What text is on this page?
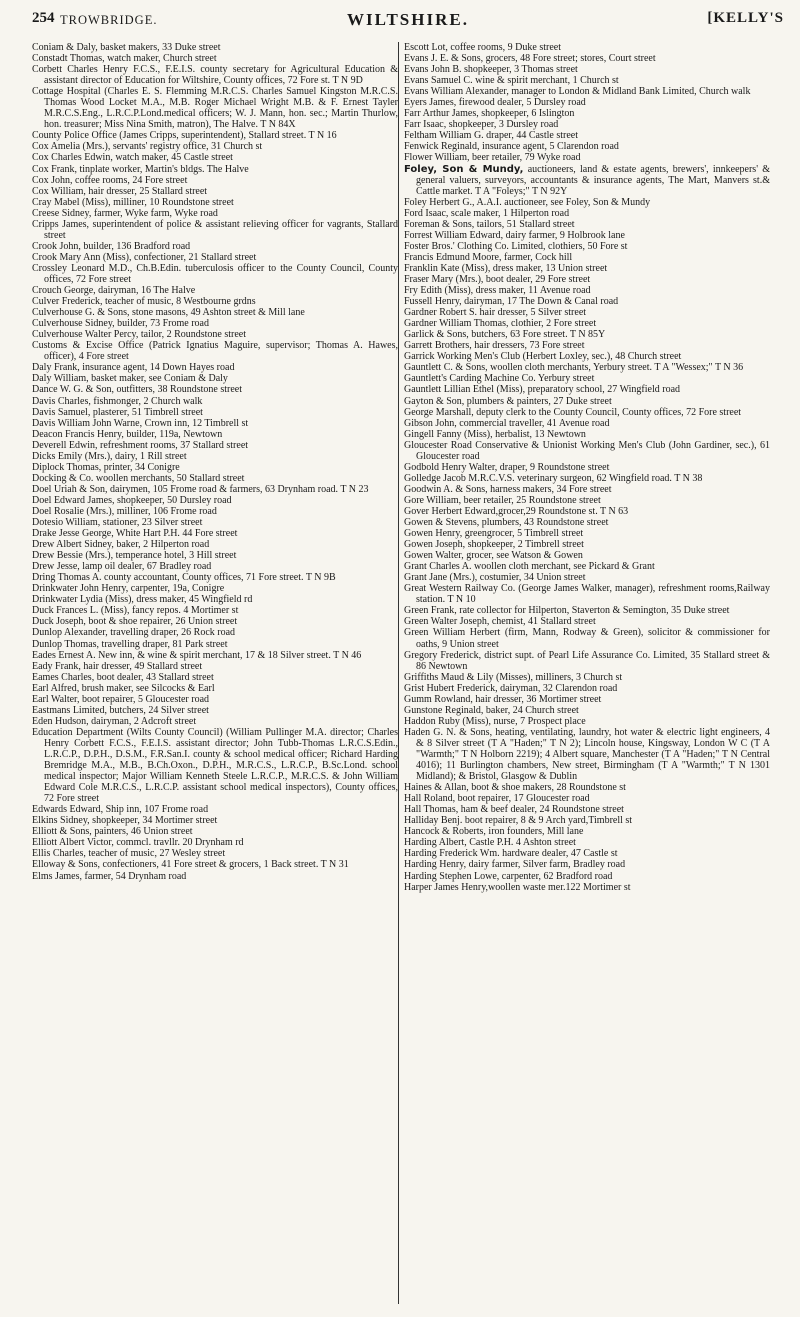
254 TROWBRIDGE.	WILTSHIRE.	[KELLY'S

Coniam & Daly, basket makers, 33 Duke street

Constadt Thomas, watch maker, Church street

Corbett Charles Henry F.C.S., F.E.I.S. county secretary for Agricultural Education & assistant director of Education for Wiltshire, County offices, 72 Fore st. T N 9D

Cottage Hospital (Charles E. S. Flemming M.R.C.S. Charles Samuel Kingston M.R.C.S. Thomas Wood Locket M.A., M.B. Roger Michael Wright M.B. & F. Ernest Tayler M.R.C.S.Eng., L.R.C.P.Lond.medical officers; W. J. Mann, hon. sec.; Martin Thurlow, hon. treasurer; Miss Nina Smith, matron), The Halve. T N 84X

County Police Office (James Cripps, superintendent), Stallard street. T N 16

Cox Amelia (Mrs.), servants' registry office, 31 Church st

Cox Charles Edwin, watch maker, 45 Castle street

Cox Frank, tinplate worker, Martin's bldgs. The Halve

Cox John, coffee rooms, 24 Fore street

Cox William, hair dresser, 25 Stallard street

Cray Mabel (Miss), milliner, 10 Roundstone street

Creese Sidney, farmer, Wyke farm, Wyke road

Cripps James, superintendent of police & assistant relieving officer for vagrants, Stallard street

Crook John, builder, 136 Bradford road

Crook Mary Ann (Miss), confectioner, 21 Stallard street

Crossley Leonard M.D., Ch.B.Edin. tuberculosis officer to the County Council, County offices, 72 Fore street

Crouch George, dairyman, 16 The Halve

Culver Frederick, teacher of music, 8 Westbourne grdns

Culverhouse G. & Sons, stone masons, 49 Ashton street & Mill lane

Culverhouse Sidney, builder, 73 Frome road

Culverhouse Walter Percy, tailor, 2 Roundstone street

Customs & Excise Office (Patrick Ignatius Maguire, supervisor; Thomas A. Hawes, officer), 4 Fore street

Daly Frank, insurance agent, 14 Down Hayes road

Daly William, basket maker, see Coniam & Daly

Dance W. G. & Son, outfitters, 38 Roundstone street

Davis Charles, fishmonger, 2 Church walk

Davis Samuel, plasterer, 51 Timbrell street

Davis William John Warne, Crown inn, 12 Timbrell st

Deacon Francis Henry, builder, 119a, Newtown

Deverell Edwin, refreshment rooms, 37 Stallard street

Dicks Emily (Mrs.), dairy, 1 Rill street

Diplock Thomas, printer, 34 Conigre

Docking & Co. woollen merchants, 50 Stallard street

Doel Uriah & Son, dairymen, 105 Frome road & farmers, 63 Drynham road. T N 23

Doel Edward James, shopkeeper, 50 Dursley road

Doel Rosalie (Mrs.), milliner, 106 Frome road

Dotesio William, stationer, 23 Silver street

Drake Jesse George, White Hart P.H. 44 Fore street

Drew Albert Sidney, baker, 2 Hilperton road

Drew Bessie (Mrs.), temperance hotel, 3 Hill street

Drew Jesse, lamp oil dealer, 67 Bradley road

Dring Thomas A. county accountant, County offices, 71 Fore street. T N 9B

Drinkwater John Henry, carpenter, 19a, Conigre

Drinkwater Lydia (Miss), dress maker, 45 Wingfield rd

Duck Frances L. (Miss), fancy repos. 4 Mortimer st

Duck Joseph, boot & shoe repairer, 26 Union street

Dunlop Alexander, travelling draper, 26 Rock road

Dunlop Thomas, travelling draper, 81 Park street

Eades Ernest A. New inn, & wine & spirit merchant, 17 & 18 Silver street. T N 46

Eady Frank, hair dresser, 49 Stallard street

Eames Charles, boot dealer, 43 Stallard street

Earl Alfred, brush maker, see Silcocks & Earl

Earl Walter, boot repairer, 5 Gloucester road

Eastmans Limited, butchers, 24 Silver street

Eden Hudson, dairyman, 2 Adcroft street

Education Department (Wilts County Council) (William Pullinger M.A. director; Charles Henry Corbett F.C.S., F.E.I.S. assistant director; John Tubb-Thomas L.R.C.S.Edin., L.R.C.P., D.P.H., D.S.M., F.R.San.I. county & school medical officer; Richard Harding Bremridge M.A., M.B., B.Ch.Oxon., D.P.H., M.R.C.S., L.R.C.P., B.Sc.Lond. school medical inspector; Major William Kenneth Steele L.R.C.P., M.R.C.S. & John William Edward Cole M.R.C.S., L.R.C.P. assistant school medical inspectors), County offices, 72 Fore street

Edwards Edward, Ship inn, 107 Frome road

Elkins Sidney, shopkeeper, 34 Mortimer street

Elliott & Sons, painters, 46 Union street

Elliott Albert Victor, commcl. travllr. 20 Drynham rd

Ellis Charles, teacher of music, 27 Wesley street

Elloway & Sons, confectioners, 41 Fore street & grocers, 1 Back street. T N 31

Elms James, farmer, 54 Drynham road

Escott Lot, coffee rooms, 9 Duke street

Evans J. E. & Sons, grocers, 48 Fore street; stores, Court street

Evans John B. shopkeeper, 3 Thomas street

Evans Samuel C. wine & spirit merchant, 1 Church st

Evans William Alexander, manager to London & Midland Bank Limited, Church walk

Eyers James, firewood dealer, 5 Dursley road

Farr Arthur James, shopkeeper, 6 Islington

Farr Isaac, shopkeeper, 3 Dursley road

Feltham William G. draper, 44 Castle street

Fenwick Reginald, insurance agent, 5 Clarendon road

Flower William, beer retailer, 79 Wyke road

Foley, Son & Mundy, auctioneers, land & estate agents, brewers', innkeepers' & general valuers, surveyors, accountants & insurance agents, The Mart, Manvers st.& Cattle market. T A "Foleys;" T N 92Y

Foley Herbert G., A.A.I. auctioneer, see Foley, Son & Mundy

Ford Isaac, scale maker, 1 Hilperton road

Foreman & Sons, tailors, 51 Stallard street

Forrest William Edward, dairy farmer, 9 Holbrook lane

Foster Bros.' Clothing Co. Limited, clothiers, 50 Fore st

Francis Edmund Moore, farmer, Cock hill

Franklin Kate (Miss), dress maker, 13 Union street

Fraser Mary (Mrs.), boot dealer, 29 Fore street

Fry Edith (Miss), dress maker, 11 Avenue road

Fussell Henry, dairyman, 17 The Down & Canal road

Gardner Robert S. hair dresser, 5 Silver street

Gardner William Thomas, clothier, 2 Fore street

Garlick & Sons, butchers, 63 Fore street. T N 85Y

Garrett Brothers, hair dressers, 73 Fore street

Garrick Working Men's Club (Herbert Loxley, sec.), 48 Church street

Gauntlett C. & Sons, woollen cloth merchants, Yerbury street. T A "Wessex;" T N 36

Gauntlett's Carding Machine Co. Yerbury street

Gauntlett Lillian Ethel (Miss), preparatory school, 27 Wingfield road

Gayton & Son, plumbers & painters, 27 Duke street

George Marshall, deputy clerk to the County Council, County offices, 72 Fore street

Gibson John, commercial traveller, 41 Avenue road

Gingell Fanny (Miss), herbalist, 13 Newtown

Gloucester Road Conservative & Unionist Working Men's Club (John Gardiner, sec.), 61 Gloucester road

Godbold Henry Walter, draper, 9 Roundstone street

Golledge Jacob M.R.C.V.S. veterinary surgeon, 62 Wingfield road. T N 38

Goodwin A. & Sons, harness makers, 34 Fore street

Gore William, beer retailer, 25 Roundstone street

Gover Herbert Edward,grocer,29 Roundstone st. T N 63

Gowen & Stevens, plumbers, 43 Roundstone street

Gowen Henry, greengrocer, 5 Timbrell street

Gowen Joseph, shopkeeper, 2 Timbrell street

Gowen Walter, grocer, see Watson & Gowen

Grant Charles A. woollen cloth merchant, see Pickard & Grant

Grant Jane (Mrs.), costumier, 34 Union street

Great Western Railway Co. (George James Walker, manager), refreshment rooms,Railway station. T N 10

Green Frank, rate collector for Hilperton, Staverton & Semington, 35 Duke street

Green Walter Joseph, chemist, 41 Stallard street

Green William Herbert (firm, Mann, Rodway & Green), solicitor & commissioner for oaths, 9 Union street

Gregory Frederick, district supt. of Pearl Life Assurance Co. Limited, 35 Stallard street & 86 Newtown

Griffiths Maud & Lily (Misses), milliners, 3 Church st

Grist Hubert Frederick, dairyman, 32 Clarendon road

Gumm Rowland, hair dresser, 36 Mortimer street

Gunstone Reginald, baker, 24 Church street

Haddon Ruby (Miss), nurse, 7 Prospect place

Haden G. N. & Sons, heating, ventilating, laundry, hot water & electric light engineers, 4 & 8 Silver street (T A "Haden;" T N 2); Lincoln house, Kingsway, London W C (T A "Warmth;" T N Holborn 2219); 4 Albert square, Manchester (T A "Haden;" T N Central 4016); 11 Burlington chambers, New street, Birmingham (T A "Warmth;" T N 1301 Midland); & Bristol, Glasgow & Dublin

Haines & Allan, boot & shoe makers, 28 Roundstone st

Hall Roland, boot repairer, 17 Gloucester road

Hall Thomas, ham & beef dealer, 24 Roundstone street

Halliday Benj. boot repairer, 8 & 9 Arch yard,Timbrell st

Hancock & Roberts, iron founders, Mill lane

Harding Albert, Castle P.H. 4 Ashton street

Harding Frederick Wm. hardware dealer, 47 Castle st

Harding Henry, dairy farmer, Silver farm, Bradley road

Harding Stephen Lowe, carpenter, 62 Bradford road

Harper James Henry,woollen waste mer.122 Mortimer st
